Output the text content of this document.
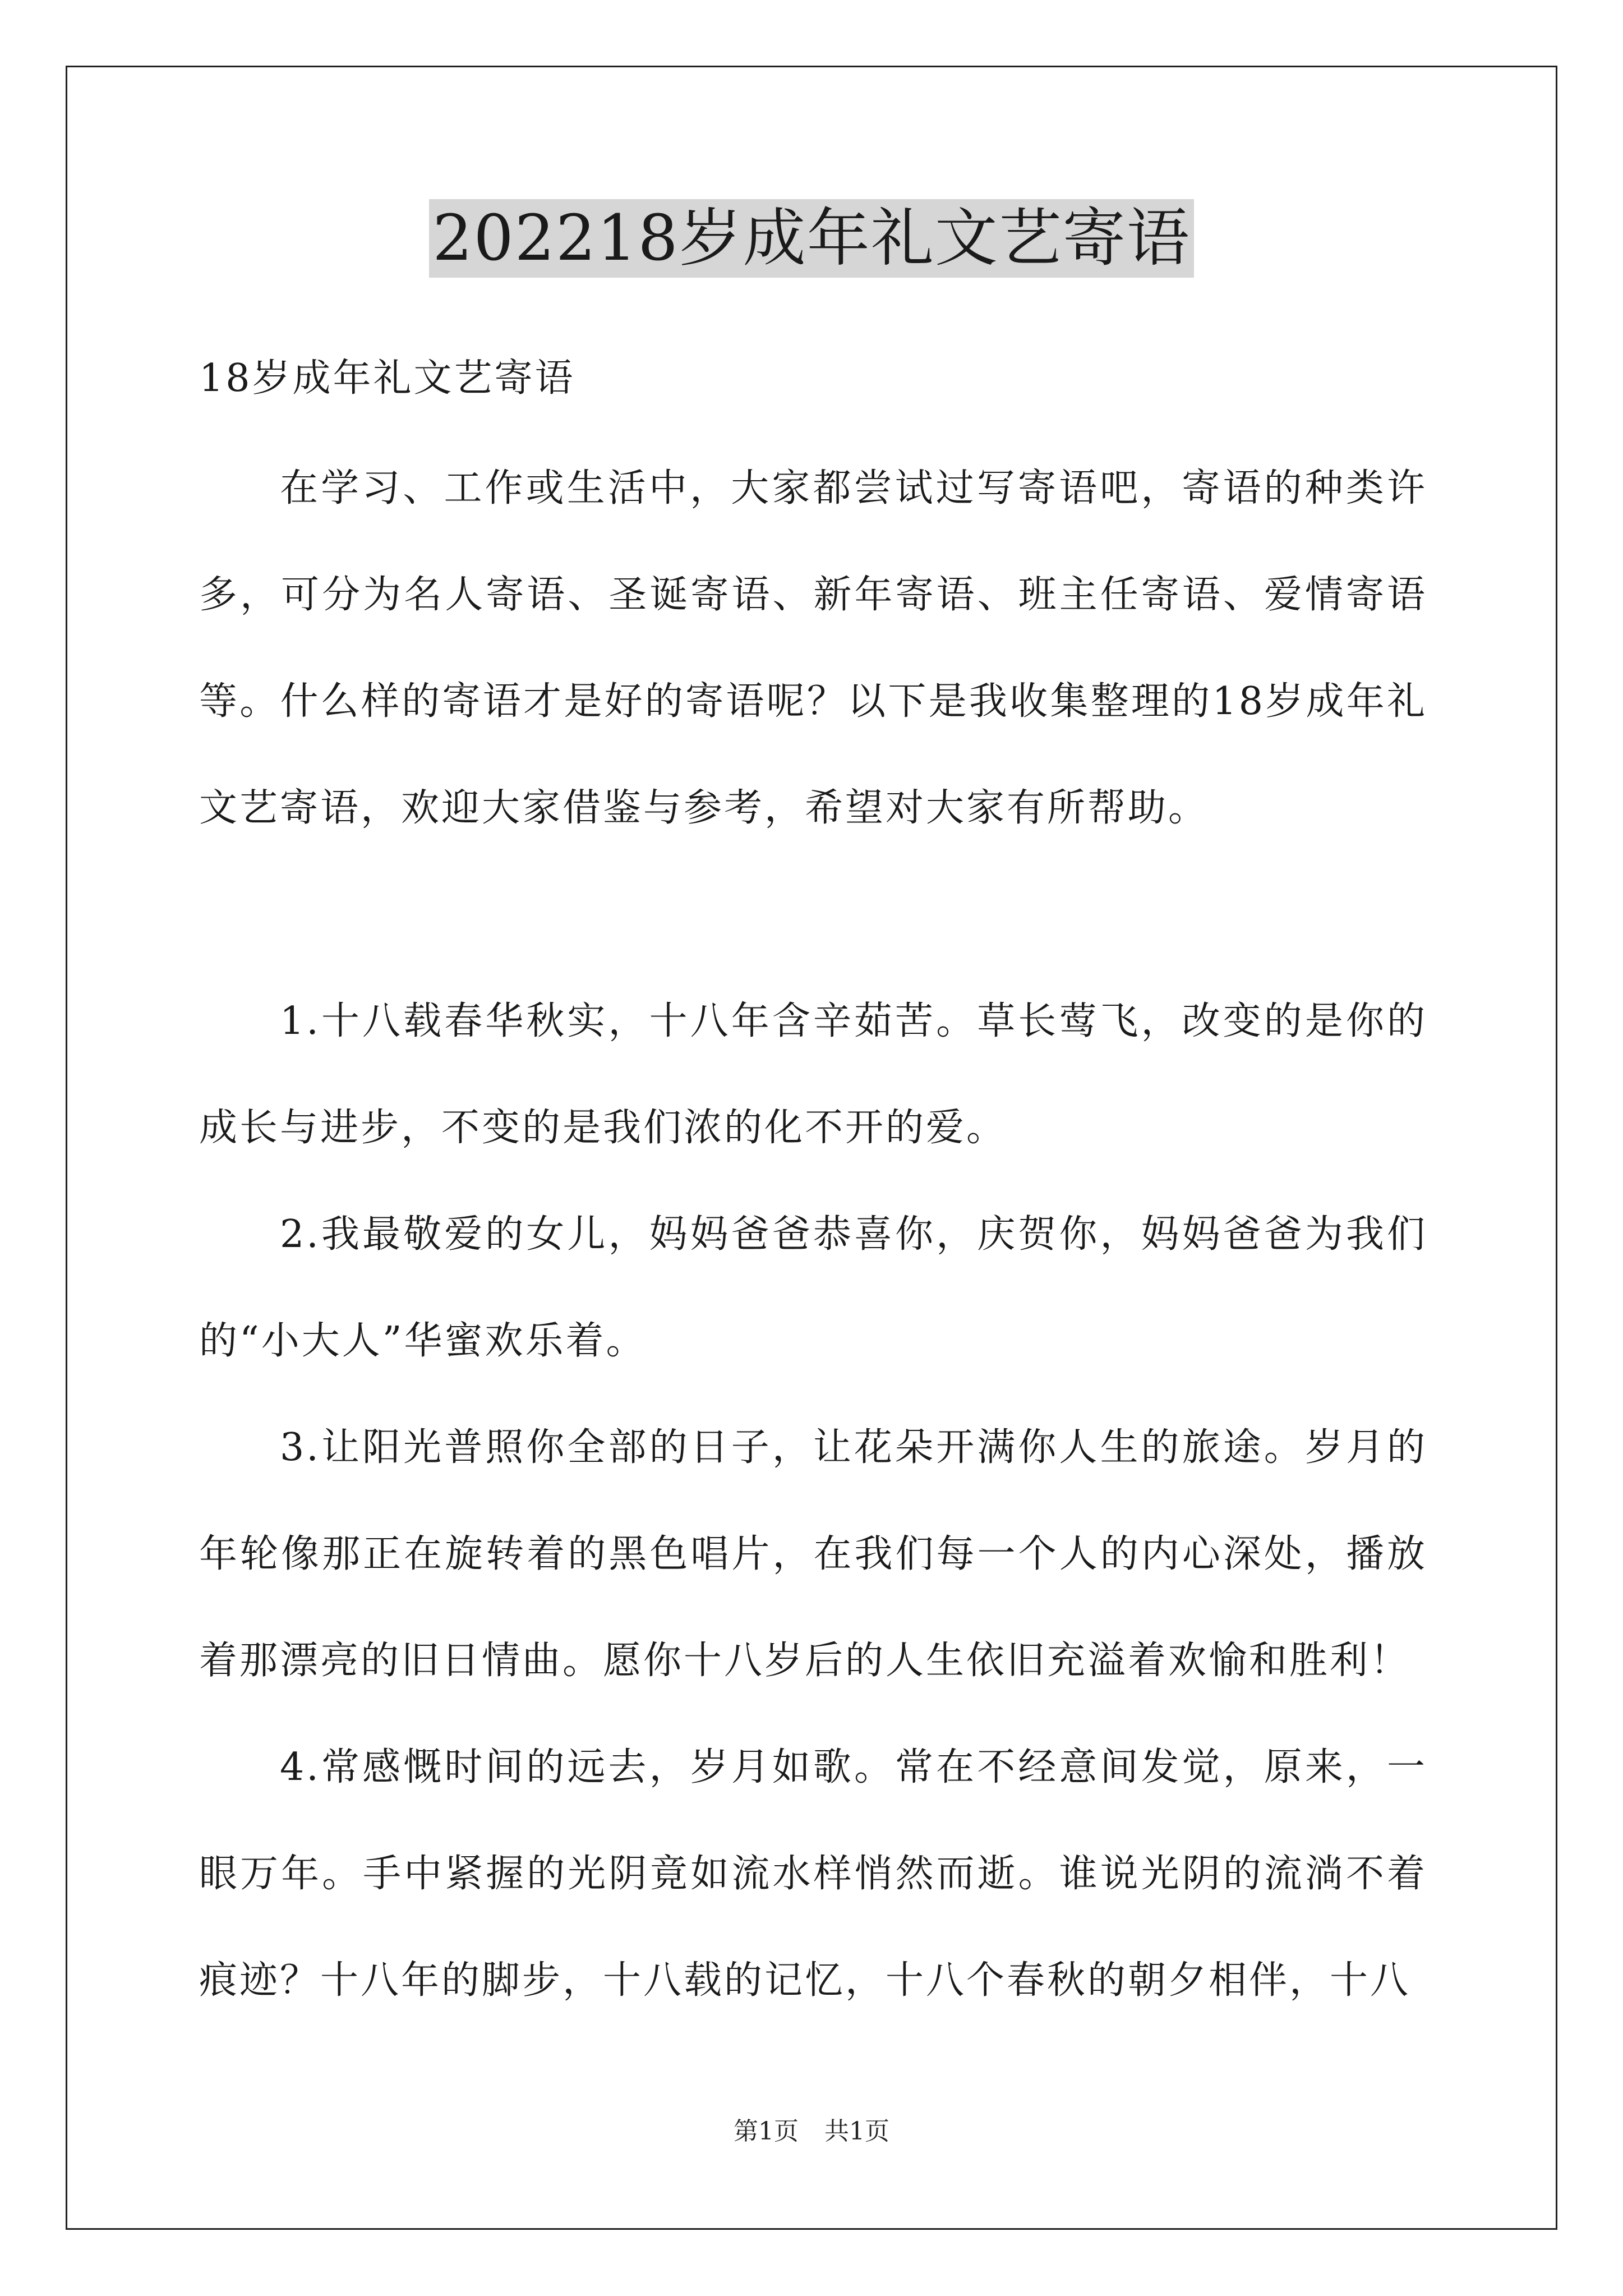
202218岁成年礼文艺寄语

18岁成年礼文艺寄语

在学习、工作或生活中，大家都尝试过写寄语吧，寄语的种类许多，可分为名人寄语、圣诞寄语、新年寄语、班主任寄语、爱情寄语等。什么样的寄语才是好的寄语呢？以下是我收集整理的18岁成年礼文艺寄语，欢迎大家借鉴与参考，希望对大家有所帮助。

1.十八载春华秋实，十八年含辛茹苦。草长莺飞，改变的是你的成长与进步，不变的是我们浓的化不开的爱。

2.我最敬爱的女儿，妈妈爸爸恭喜你，庆贺你，妈妈爸爸为我们的“小大人”华蜜欢乐着。

3.让阳光普照你全部的日子，让花朵开满你人生的旅途。岁月的年轮像那正在旋转着的黑色唱片，在我们每一个人的内心深处，播放着那漂亮的旧日情曲。愿你十八岁后的人生依旧充溢着欢愉和胜利！

4.常感慨时间的远去，岁月如歌。常在不经意间发觉，原来，一眼万年。手中紧握的光阴竟如流水样悄然而逝。谁说光阴的流淌不着痕迹？十八年的脚步，十八载的记忆，十八个春秋的朝夕相伴，十八

第1页 共1页
